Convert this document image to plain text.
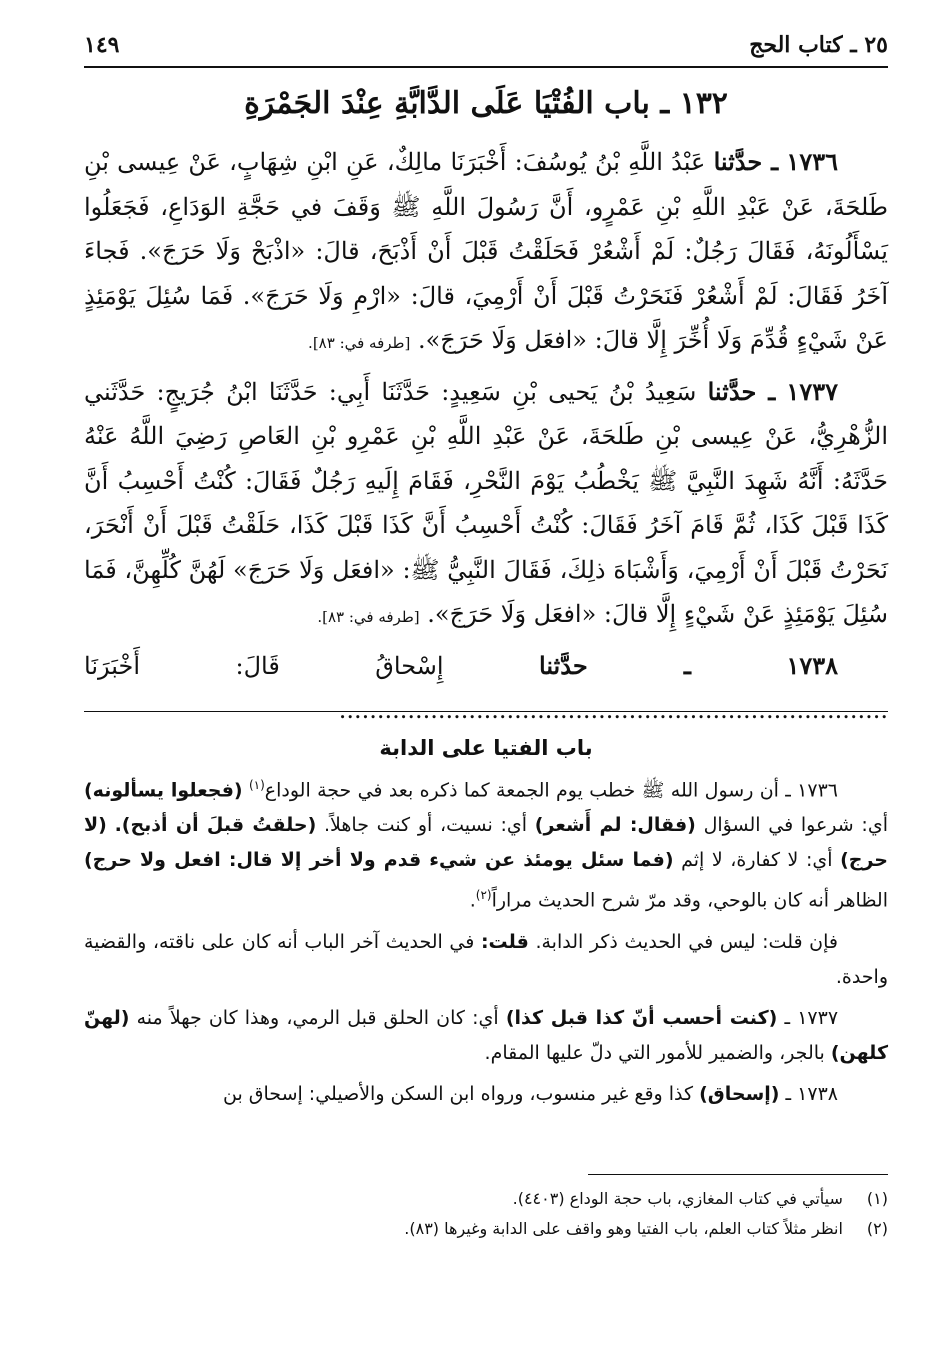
٢٥ ـ كتاب الحج
١٤٩
١٣٢ ـ باب الفُتْيَا عَلَى الدَّابَّةِ عِنْدَ الجَمْرَةِ

١٧٣٦ ـ حدَّثنا عَبْدُ اللَّهِ بْنُ يُوسُفَ: أَخْبَرَنَا مالِكٌ، عَنِ ابْنِ شِهَابٍ، عَنْ عِيسى بْنِ طَلحَةَ، عَنْ عَبْدِ اللَّهِ بْنِ عَمْرٍو، أَنَّ رَسُولَ اللَّهِ ﷺ وَقَفَ في حَجَّةِ الوَدَاعِ، فَجَعَلُوا يَسْأَلُونَهُ، فَقَالَ رَجُلٌ: لَمْ أَشْعُرْ فَحَلَقْتُ قَبْلَ أَنْ أَذْبَحَ، قالَ: «اذْبَحْ وَلَا حَرَجَ». فَجاءَ آخَرُ فَقَالَ: لَمْ أَشْعُرْ فَنَحَرْتُ قَبْلَ أَنْ أَرْمِيَ، قالَ: «ارْمِ وَلَا حَرَجَ». فَمَا سُئِلَ يَوْمَئِذٍ عَنْ شَيْءٍ قُدِّمَ وَلَا أُخِّرَ إِلَّا قالَ: «افعَل وَلَا حَرَجَ». [طرفه في: ٨٣].

١٧٣٧ ـ حدَّثنا سَعِيدُ بْنُ يَحيى بْنِ سَعِيدٍ: حَدَّثَنَا أَبِي: حَدَّثَنَا ابْنُ جُرَيجٍ: حَدَّثَني الزُّهْرِيُّ، عَنْ عِيسى بْنِ طَلحَةَ، عَنْ عَبْدِ اللَّهِ بْنِ عَمْرِو بْنِ العَاصِ رَضِيَ اللَّهُ عَنْهُ حَدَّثَهُ: أَنَّهُ شَهِدَ النَّبِيَّ ﷺ يَخْطُبُ يَوْمَ النَّحْرِ، فَقَامَ إِلَيهِ رَجُلٌ فَقَالَ: كُنْتُ أَحْسِبُ أَنَّ كَذَا قَبْلَ كَذَا، ثُمَّ قَامَ آخَرُ فَقَالَ: كُنْتُ أَحْسِبُ أَنَّ كَذَا قَبْلَ كَذَا، حَلَقْتُ قَبْلَ أَنْ أَنْحَرَ، نَحَرْتُ قَبْلَ أَنْ أَرْمِيَ، وَأَشْبَاهَ ذلِكَ، فَقَالَ النَّبِيُّ ﷺ: «افعَل وَلَا حَرَجَ» لَهُنَّ كُلِّهِنَّ، فَمَا سُئِلَ يَوْمَئِذٍ عَنْ شَيْءٍ إِلَّا قالَ: «افعَل وَلَا حَرَجَ». [طرفه في: ٨٣].

١٧٣٨ ـ حدَّثنا إِسْحاقُ قَالَ: أَخْبَرَنَا ........................................................................

باب الفتيا على الدابة

١٧٣٦ ـ أن رسول الله ﷺ خطب يوم الجمعة كما ذكره بعد في حجة الوداع$^{(١)}$ (فجعلوا يسألونه) أي: شرعوا في السؤال (فقال: لم أَشعر) أي: نسيت، أو كنت جاهلاً. (حلقتُ قبلَ أن أذبح). (لا حرج) أي: لا كفارة، لا إثم (فما سئل يومئذ عن شيء قدم ولا أخر إلا قال: افعل ولا حرج) الظاهر أنه كان بالوحي، وقد مرّ شرح الحديث مراراً$^{(٢)}$.

فإن قلت: ليس في الحديث ذكر الدابة. قلت: في الحديث آخر الباب أنه كان على ناقته، والقضية واحدة.

١٧٣٧ ـ (كنت أحسب أنّ كذا قبل كذا) أي: كان الحلق قبل الرمي، وهذا كان جهلاً منه (لهنّ كلهن) بالجر، والضمير للأمور التي دلّ عليها المقام.

١٧٣٨ ـ (إسحاق) كذا وقع غير منسوب، ورواه ابن السكن والأصيلي: إسحاق بن

(١) سيأتي في كتاب المغازي، باب حجة الوداع (٤٤٠٣).

(٢) انظر مثلاً كتاب العلم، باب الفتيا وهو واقف على الدابة وغيرها (٨٣).
